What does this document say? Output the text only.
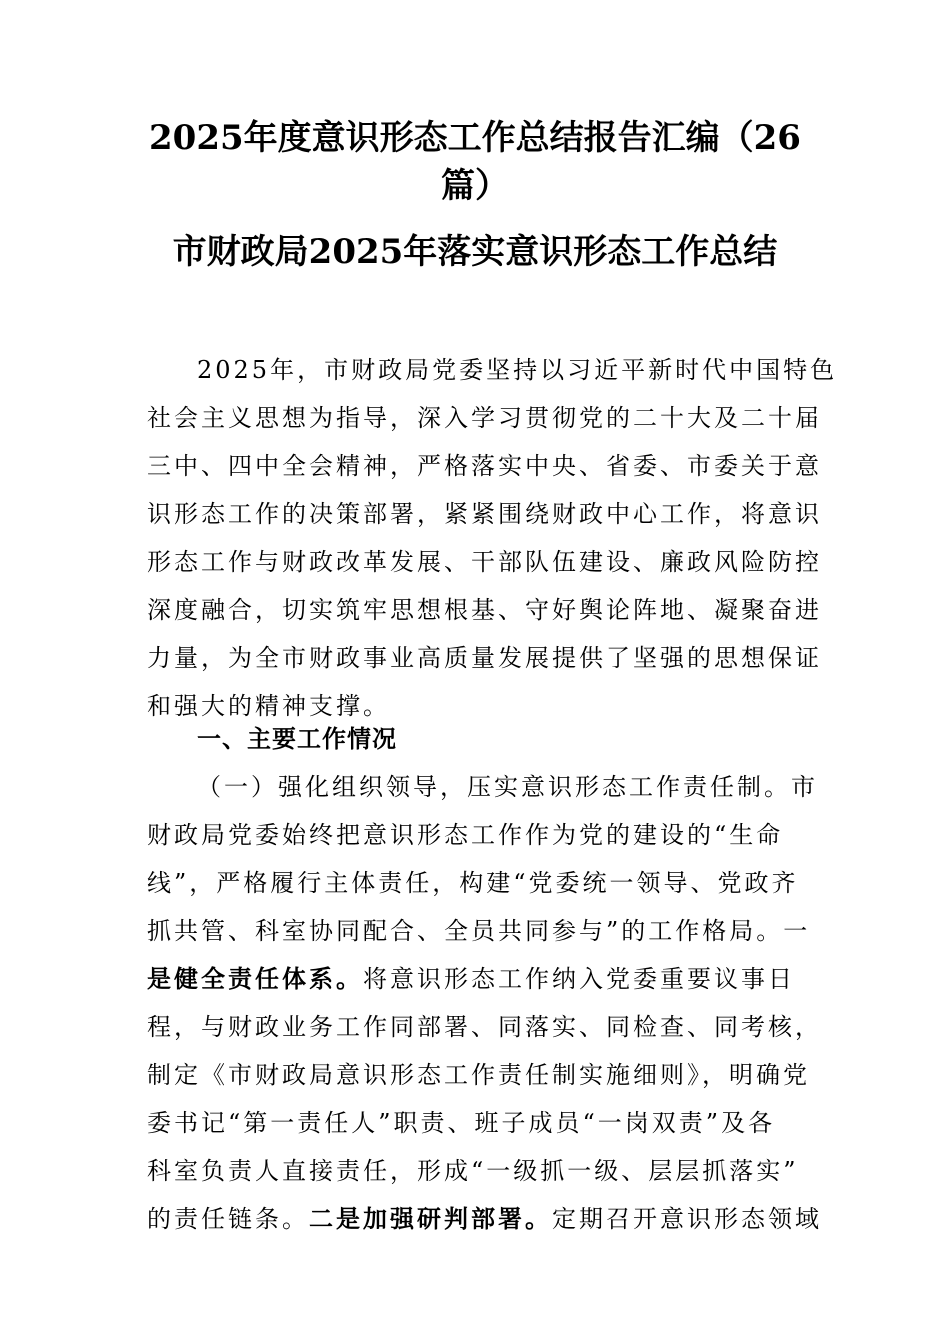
2025年度意识形态工作总结报告汇编（26篇）
市财政局2025年落实意识形态工作总结
2025年，市财政局党委坚持以习近平新时代中国特色
社会主义思想为指导，深入学习贯彻党的二十大及二十届
三中、四中全会精神，严格落实中央、省委、市委关于意
识形态工作的决策部署，紧紧围绕财政中心工作，将意识
形态工作与财政改革发展、干部队伍建设、廉政风险防控
深度融合，切实筑牢思想根基、守好舆论阵地、凝聚奋进
力量，为全市财政事业高质量发展提供了坚强的思想保证
和强大的精神支撑。
一、主要工作情况
（一）强化组织领导，压实意识形态工作责任制。市
财政局党委始终把意识形态工作作为党的建设的“生命
线”，严格履行主体责任，构建“党委统一领导、党政齐
抓共管、科室协同配合、全员共同参与”的工作格局。一
是健全责任体系。将意识形态工作纳入党委重要议事日
程，与财政业务工作同部署、同落实、同检查、同考核，
制定《市财政局意识形态工作责任制实施细则》，明确党
委书记“第一责任人”职责、班子成员“一岗双责”及各
科室负责人直接责任，形成“一级抓一级、层层抓落实”
的责任链条。二是加强研判部署。定期召开意识形态领域
